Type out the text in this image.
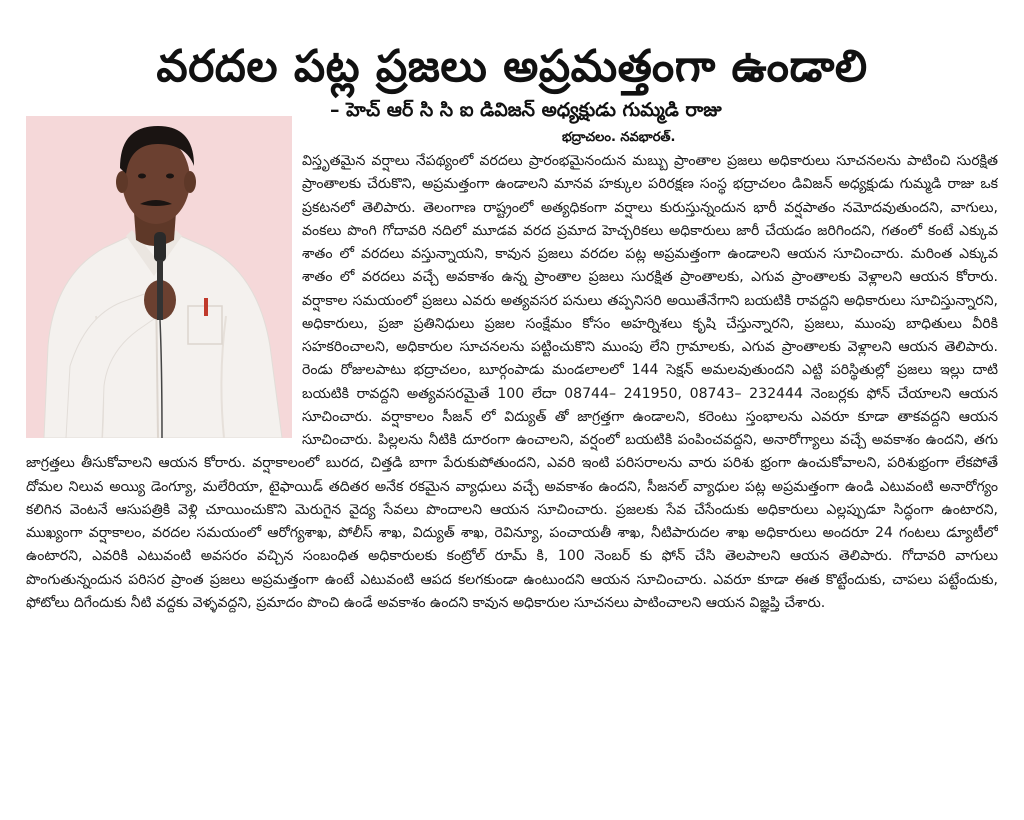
వరదల పట్ల ప్రజలు అప్రమత్తంగా ఉండాలి
– హెచ్ ఆర్ సి సి ఐ డివిజన్ అధ్యక్షుడు గుమ్మడి రాజు
భద్రాచలం. నవభారత్.

విస్తృతమైన వర్షాలు నేపథ్యంలో వరదలు ప్రారంభమైనందున మబ్బు ప్రాంతాల ప్రజలు అధికారులు సూచనలను పాటించి సురక్షిత ప్రాంతాలకు చేరుకొని, అప్రమత్తంగా ఉండాలని మానవ హక్కుల పరిరక్షణ సంస్థ భద్రాచలం డివిజన్ అధ్యక్షుడు గుమ్మడి రాజు ఒక ప్రకటనలో తెలిపారు. తెలంగాణ రాష్ట్రంలో అత్యధికంగా వర్షాలు కురుస్తున్నందున భారీ వర్షపాతం నమోదవుతుందని, వాగులు, వంకలు పొంగి గోదావరి నదిలో మూడవ వరద ప్రమాద హెచ్చరికలు అధికారులు జారీ చేయడం జరిగిందని, గతంలో కంటే ఎక్కువ శాతం లో వరదలు వస్తున్నాయని, కావున ప్రజలు వరదల పట్ల అప్రమత్తంగా ఉండాలని ఆయన సూచించారు. మరింత ఎక్కువ శాతం లో వరదలు వచ్చే అవకాశం ఉన్న ప్రాంతాల ప్రజలు సురక్షిత ప్రాంతాలకు, ఎగువ ప్రాంతాలకు వెళ్లాలని ఆయన కోరారు. వర్షాకాల సమయంలో ప్రజలు ఎవరు అత్యవసర పనులు తప్పనిసరి అయితేనేగాని బయటికి రావద్దని అధికారులు సూచిస్తున్నారని, అధికారులు, ప్రజా ప్రతినిధులు ప్రజల సంక్షేమం కోసం అహర్నిశలు కృషి చేస్తున్నారని, ప్రజలు, ముంపు బాధితులు వీరికి సహకరించాలని, అధికారుల సూచనలను పట్టించుకొని ముంపు లేని గ్రామాలకు, ఎగువ ప్రాంతాలకు వెళ్లాలని ఆయన తెలిపారు. రెండు రోజులపాటు భద్రాచలం, బూర్గంపాడు మండలాలలో 144 సెక్షన్ అమలవుతుందని ఎట్టి పరిస్థితుల్లో ప్రజలు ఇల్లు దాటి బయటికి రావద్దని అత్యవసరమైతే 100 లేదా 08744– 241950, 08743– 232444 నెంబర్లకు ఫోన్ చేయాలని ఆయన సూచించారు. వర్షాకాలం సీజన్ లో విద్యుత్ తో జాగ్రత్తగా ఉండాలని, కరెంటు స్తంభాలను ఎవరూ కూడా తాకవద్దని ఆయన సూచించారు. పిల్లలను నీటికి దూరంగా ఉంచాలని, వర్షంలో బయటికి పంపించవద్దని, అనారోగ్యాలు వచ్చే అవకాశం ఉందని, తగు జాగ్రత్తలు తీసుకోవాలని ఆయన కోరారు. వర్షాకాలంలో బురద, చిత్తడి బాగా పేరుకుపోతుందని, ఎవరి ఇంటి పరిసరాలను వారు పరిశు భ్రంగా ఉంచుకోవాలని, పరిశుభ్రంగా లేకపోతే దోమల నిలువ అయ్యి డెంగ్యూ, మలేరియా, టైఫాయిడ్ తదితర అనేక రకమైన వ్యాధులు వచ్చే అవకాశం ఉందని, సీజనల్ వ్యాధుల పట్ల అప్రమత్తంగా ఉండి ఎటువంటి అనారోగ్యం కలిగిన వెంటనే ఆసుపత్రికి వెళ్లి చూయించుకొని మెరుగైన వైద్య సేవలు పొందాలని ఆయన సూచించారు. ప్రజలకు సేవ చేసేందుకు అధికారులు ఎల్లప్పుడూ సిద్ధంగా ఉంటారని, ముఖ్యంగా వర్షాకాలం, వరదల సమయంలో ఆరోగ్యశాఖ, పోలీస్ శాఖ, విద్యుత్ శాఖ, రెవిన్యూ, పంచాయతీ శాఖ, నీటిపారుదల శాఖ అధికారులు అందరూ 24 గంటలు డ్యూటీలో ఉంటారని, ఎవరికి ఎటువంటి అవసరం వచ్చిన సంబంధిత అధికారులకు కంట్రోల్ రూమ్ కి, 100 నెంబర్ కు ఫోన్ చేసి తెలపాలని ఆయన తెలిపారు. గోదావరి వాగులు పొంగుతున్నందున పరిసర ప్రాంత ప్రజలు అప్రమత్తంగా ఉంటే ఎటువంటి ఆపద కలగకుండా ఉంటుందని ఆయన సూచించారు. ఎవరూ కూడా ఈత కొట్టేందుకు, చాపలు పట్టేందుకు, ఫోటోలు దిగేందుకు నీటి వద్దకు వెళ్ళవద్దని, ప్రమాదం పొంచి ఉండే అవకాశం ఉందని కావున అధికారుల సూచనలు పాటించాలని ఆయన విజ్ఞప్తి చేశారు.
